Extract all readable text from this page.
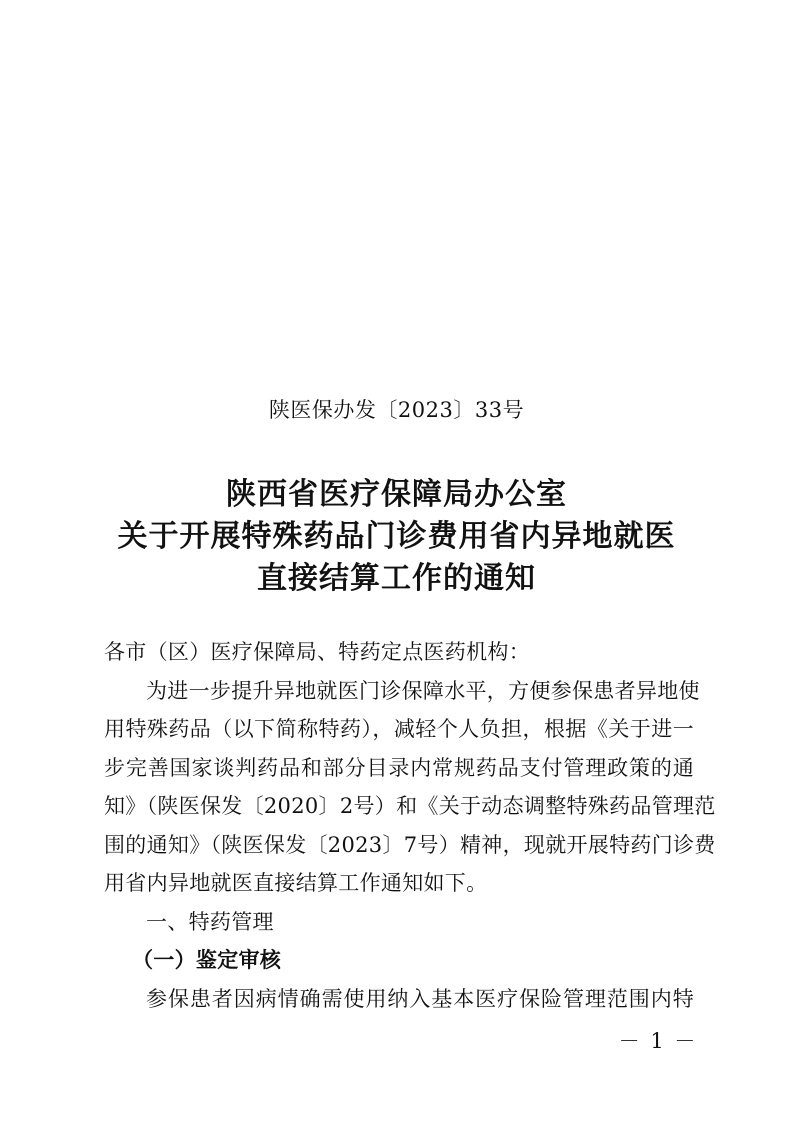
陕医保办发〔2023〕33号
陕西省医疗保障局办公室
关于开展特殊药品门诊费用省内异地就医
直接结算工作的通知
各市（区）医疗保障局、特药定点医药机构：
为进一步提升异地就医门诊保障水平，方便参保患者异地使
用特殊药品（以下简称特药），减轻个人负担，根据《关于进一
步完善国家谈判药品和部分目录内常规药品支付管理政策的通
知》（陕医保发〔2020〕2号）和《关于动态调整特殊药品管理范
围的通知》（陕医保发〔2023〕7号）精神，现就开展特药门诊费
用省内异地就医直接结算工作通知如下。
一、特药管理
（一）鉴定审核
参保患者因病情确需使用纳入基本医疗保险管理范围内特
－ 1 －
